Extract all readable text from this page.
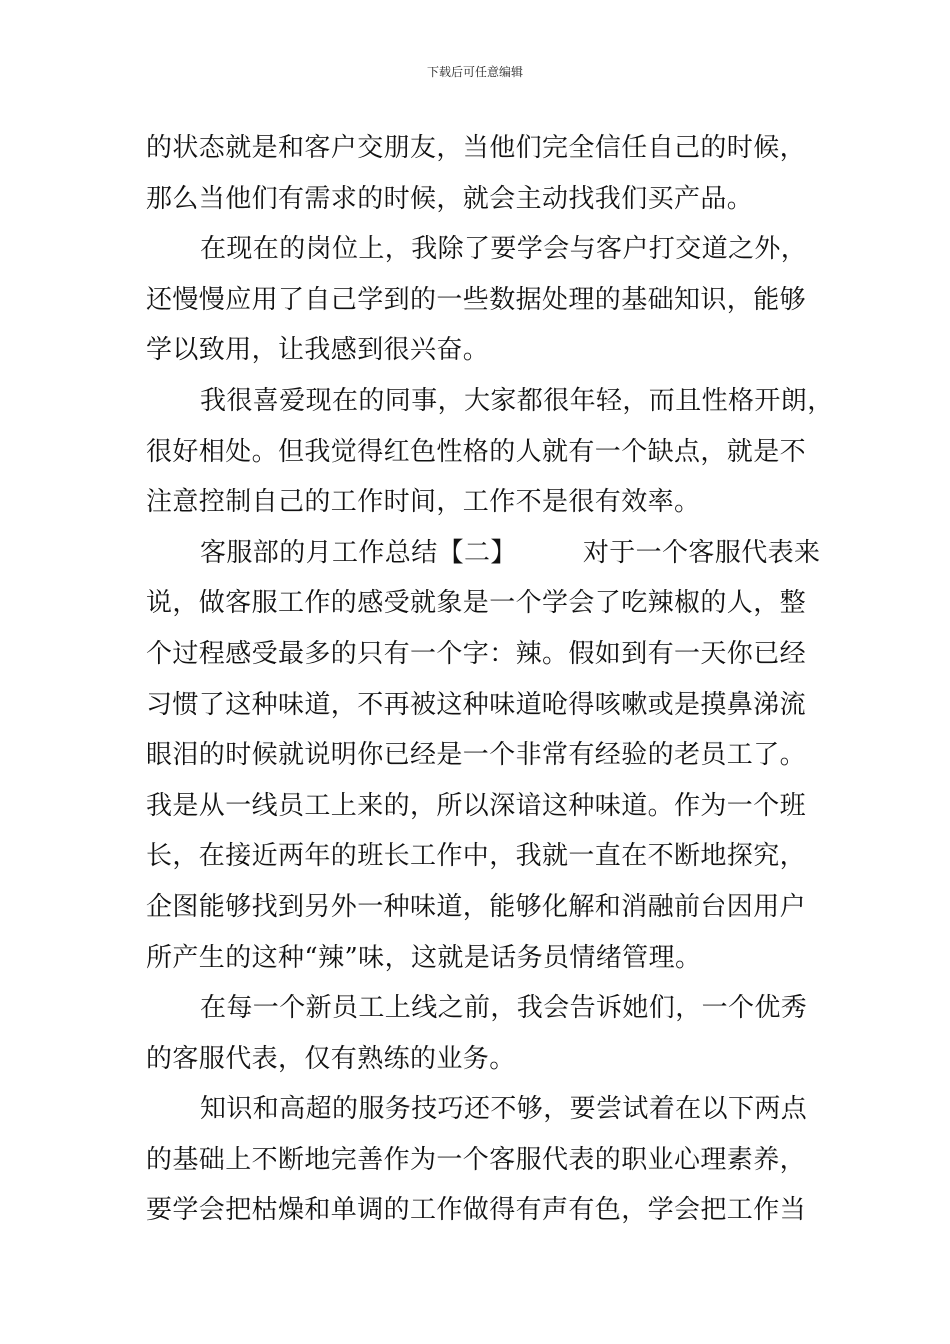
下载后可任意编辑
的状态就是和客户交朋友，当他们完全信任自己的时候，
那么当他们有需求的时候，就会主动找我们买产品。
在现在的岗位上，我除了要学会与客户打交道之外，
还慢慢应用了自己学到的一些数据处理的基础知识，能够
学以致用，让我感到很兴奋。
我很喜爱现在的同事，大家都很年轻，而且性格开朗，
很好相处。但我觉得红色性格的人就有一个缺点，就是不
注意控制自己的工作时间，工作不是很有效率。
客服部的月工作总结【二】	对于一个客服代表来
说，做客服工作的感受就象是一个学会了吃辣椒的人，整
个过程感受最多的只有一个字：辣。假如到有一天你已经
习惯了这种味道，不再被这种味道呛得咳嗽或是摸鼻涕流
眼泪的时候就说明你已经是一个非常有经验的老员工了。
我是从一线员工上来的，所以深谙这种味道。作为一个班
长，在接近两年的班长工作中，我就一直在不断地探究，
企图能够找到另外一种味道，能够化解和消融前台因用户
所产生的这种“辣”味，这就是话务员情绪管理。
在每一个新员工上线之前，我会告诉她们，一个优秀
的客服代表，仅有熟练的业务。
知识和高超的服务技巧还不够，要尝试着在以下两点
的基础上不断地完善作为一个客服代表的职业心理素养，
要学会把枯燥和单调的工作做得有声有色，学会把工作当
